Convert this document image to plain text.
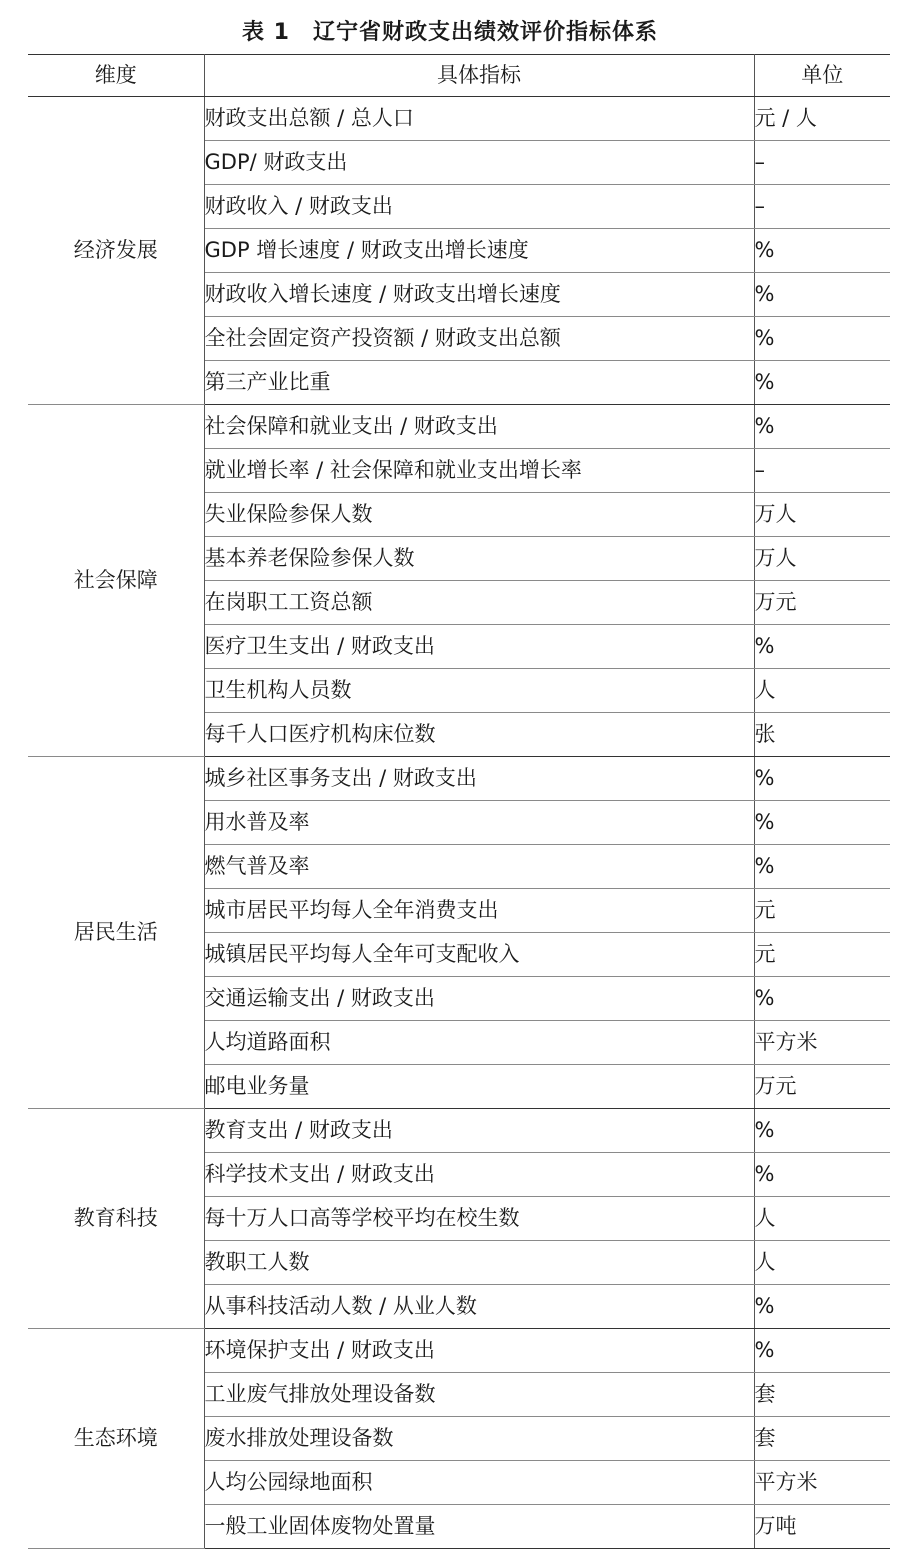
表 1　辽宁省财政支出绩效评价指标体系
维度	具体指标	单位
经济发展	财政支出总额 / 总人口	元 / 人
	GDP/ 财政支出	–
	财政收入 / 财政支出	–
	GDP 增长速度 / 财政支出增长速度	%
	财政收入增长速度 / 财政支出增长速度	%
	全社会固定资产投资额 / 财政支出总额	%
	第三产业比重	%
社会保障	社会保障和就业支出 / 财政支出	%
	就业增长率 / 社会保障和就业支出增长率	–
	失业保险参保人数	万人
	基本养老保险参保人数	万人
	在岗职工工资总额	万元
	医疗卫生支出 / 财政支出	%
	卫生机构人员数	人
	每千人口医疗机构床位数	张
居民生活	城乡社区事务支出 / 财政支出	%
	用水普及率	%
	燃气普及率	%
	城市居民平均每人全年消费支出	元
	城镇居民平均每人全年可支配收入	元
	交通运输支出 / 财政支出	%
	人均道路面积	平方米
	邮电业务量	万元
教育科技	教育支出 / 财政支出	%
	科学技术支出 / 财政支出	%
	每十万人口高等学校平均在校生数	人
	教职工人数	人
	从事科技活动人数 / 从业人数	%
生态环境	环境保护支出 / 财政支出	%
	工业废气排放处理设备数	套
	废水排放处理设备数	套
	人均公园绿地面积	平方米
	一般工业固体废物处置量	万吨
